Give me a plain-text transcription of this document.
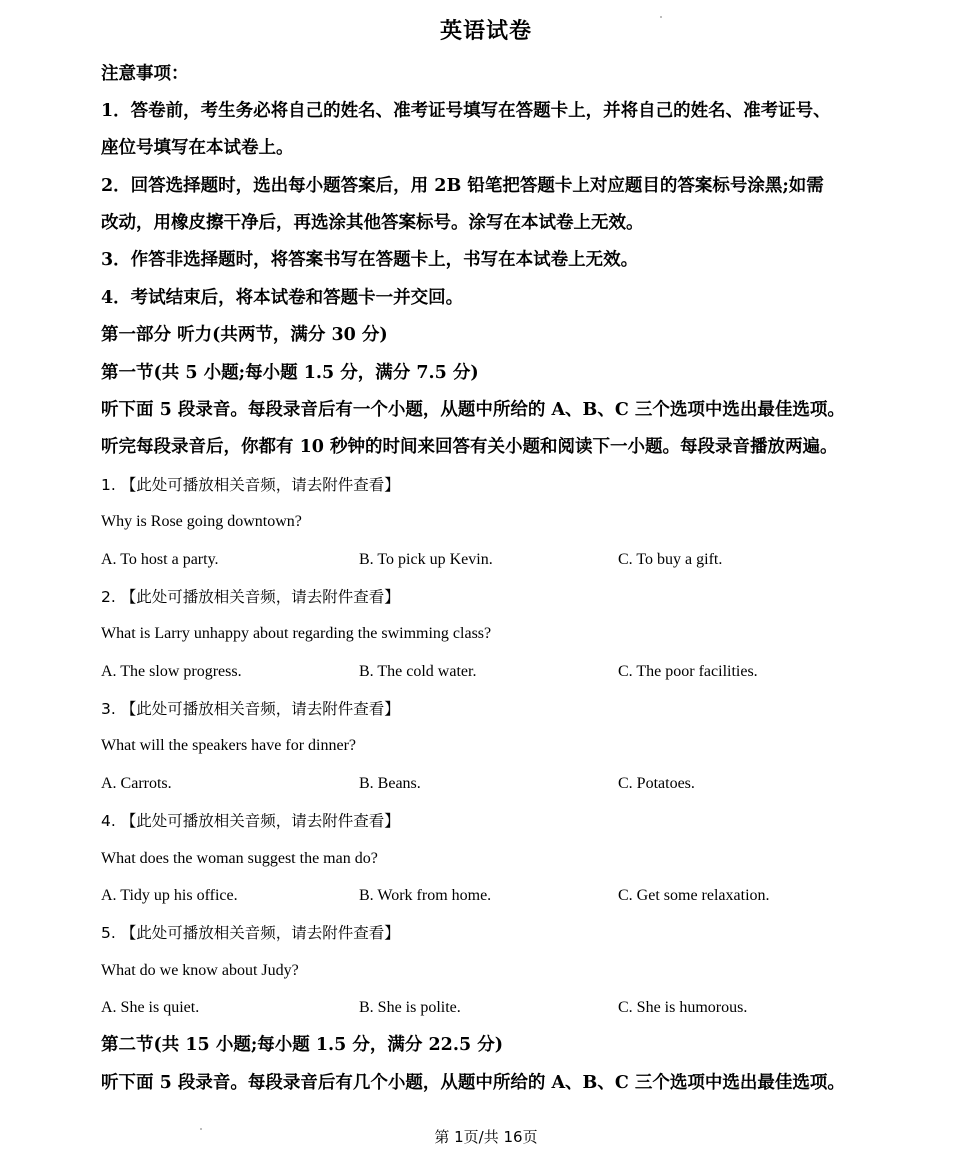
英语试卷
注意事项：
1．答卷前，考生务必将自己的姓名、准考证号填写在答题卡上，并将自己的姓名、准考证号、
座位号填写在本试卷上。
2．回答选择题时，选出每小题答案后，用 2B 铅笔把答题卡上对应题目的答案标号涂黑;如需
改动，用橡皮擦干净后，再选涂其他答案标号。涂写在本试卷上无效。
3．作答非选择题时，将答案书写在答题卡上，书写在本试卷上无效。
4．考试结束后，将本试卷和答题卡一并交回。
第一部分 听力(共两节，满分 30 分)
第一节(共 5 小题;每小题 1.5 分，满分 7.5 分)
听下面 5 段录音。每段录音后有一个小题，从题中所给的 A、B、C 三个选项中选出最佳选项。
听完每段录音后，你都有 10 秒钟的时间来回答有关小题和阅读下一小题。每段录音播放两遍。
1. 【此处可播放相关音频，请去附件查看】
Why is Rose going downtown?
A. To host a party.	B. To pick up Kevin.	C. To buy a gift.
2. 【此处可播放相关音频，请去附件查看】
What is Larry unhappy about regarding the swimming class?
A. The slow progress.	B. The cold water.	C. The poor facilities.
3. 【此处可播放相关音频，请去附件查看】
What will the speakers have for dinner?
A. Carrots.	B. Beans.	C. Potatoes.
4. 【此处可播放相关音频，请去附件查看】
What does the woman suggest the man do?
A. Tidy up his office.	B. Work from home.	C. Get some relaxation.
5. 【此处可播放相关音频，请去附件查看】
What do we know about Judy?
A. She is quiet.	B. She is polite.	C. She is humorous.
第二节(共 15 小题;每小题 1.5 分，满分 22.5 分)
听下面 5 段录音。每段录音后有几个小题，从题中所给的 A、B、C 三个选项中选出最佳选项。
第 1页/共 16页
